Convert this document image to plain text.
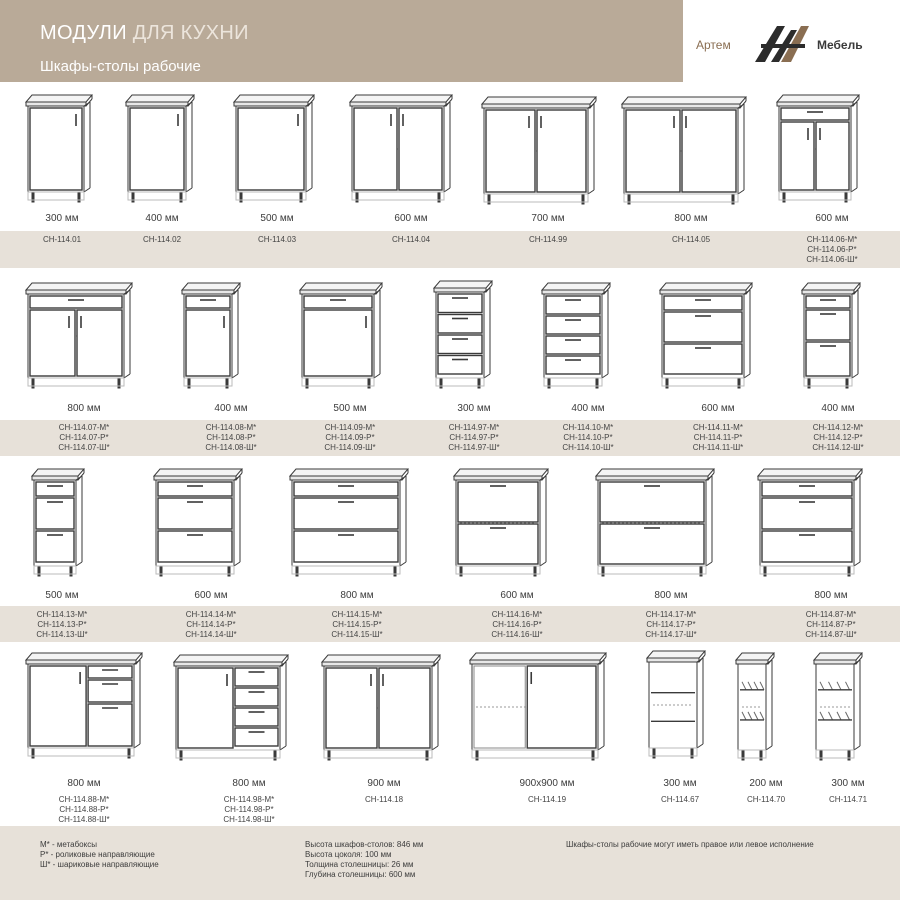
МОДУЛИ ДЛЯ КУХНИ
Шкафы-столы рабочие
Артем	Мебель
300 мм
СН-114.01
400 мм
СН-114.02
500 мм
СН-114.03
600 мм
СН-114.04
700 мм
СН-114.99
800 мм
СН-114.05
600 мм
СН-114.06-М*
СН-114.06-Р*
СН-114.06-Ш*
800 мм
СН-114.07-М*
СН-114.07-Р*
СН-114.07-Ш*
400 мм
СН-114.08-М*
СН-114.08-Р*
СН-114.08-Ш*
500 мм
СН-114.09-М*
СН-114.09-Р*
СН-114.09-Ш*
300 мм
СН-114.97-М*
СН-114.97-Р*
СН-114.97-Ш*
400 мм
СН-114.10-М*
СН-114.10-Р*
СН-114.10-Ш*
600 мм
СН-114.11-М*
СН-114.11-Р*
СН-114.11-Ш*
400 мм
СН-114.12-М*
СН-114.12-Р*
СН-114.12-Ш*
500 мм
СН-114.13-М*
СН-114.13-Р*
СН-114.13-Ш*
600 мм
СН-114.14-М*
СН-114.14-Р*
СН-114.14-Ш*
800 мм
СН-114.15-М*
СН-114.15-Р*
СН-114.15-Ш*
600 мм
СН-114.16-М*
СН-114.16-Р*
СН-114.16-Ш*
800 мм
СН-114.17-М*
СН-114.17-Р*
СН-114.17-Ш*
800 мм
СН-114.87-М*
СН-114.87-Р*
СН-114.87-Ш*
800 мм
СН-114.88-М*
СН-114.88-Р*
СН-114.88-Ш*
800 мм
СН-114.98-М*
СН-114.98-Р*
СН-114.98-Ш*
900 мм
СН-114.18
900х900 мм
СН-114.19
300 мм
СН-114.67
200 мм
СН-114.70
300 мм
СН-114.71
М* - метабоксы
Р* - роликовые направляющие
Ш* - шариковые направляющие
Высота шкафов-столов: 846 мм
Высота цоколя: 100 мм
Толщина столешницы: 26 мм
Глубина столешницы: 600 мм
Шкафы-столы рабочие могут иметь правое или левое исполнение
